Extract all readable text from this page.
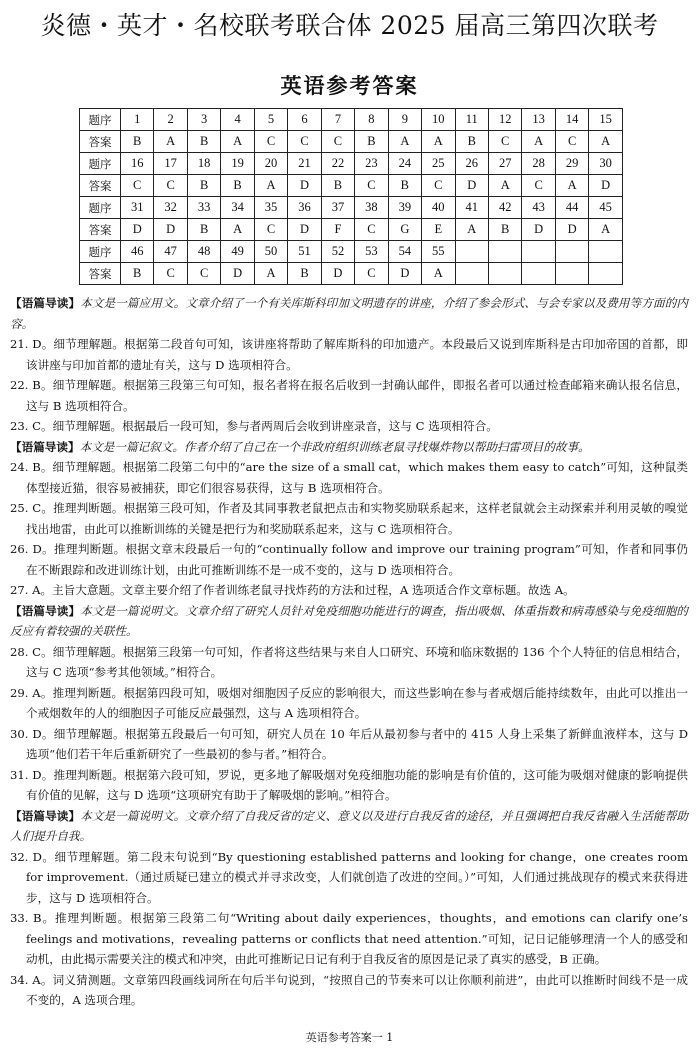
炎德・英才・名校联考联合体 2025 届高三第四次联考
英语参考答案
题序	1	2	3	4	5	6	7	8	9	10	11	12	13	14	15
答案	B	A	B	A	C	C	C	B	A	A	B	C	A	C	A
题序	16	17	18	19	20	21	22	23	24	25	26	27	28	29	30
答案	C	C	B	B	A	D	B	C	B	C	D	A	C	A	D
题序	31	32	33	34	35	36	37	38	39	40	41	42	43	44	45
答案	D	D	B	A	C	D	F	C	G	E	A	B	D	D	A
题序	46	47	48	49	50	51	52	53	54	55					
答案	B	C	C	D	A	B	D	C	D	A					

【语篇导读】本文是一篇应用文。文章介绍了一个有关库斯科印加文明遗存的讲座，介绍了参会形式、与会专家以及费用等方面的内容。

21. D。细节理解题。根据第二段首句可知，该讲座将帮助了解库斯科的印加遗产。本段最后又说到库斯科是古印加帝国的首都，即该讲座与印加首都的遗址有关，这与 D 选项相符合。

22. B。细节理解题。根据第三段第三句可知，报名者将在报名后收到一封确认邮件，即报名者可以通过检查邮箱来确认报名信息，这与 B 选项相符合。

23. C。细节理解题。根据最后一段可知，参与者两周后会收到讲座录音，这与 C 选项相符合。

【语篇导读】本文是一篇记叙文。作者介绍了自己在一个非政府组织训练老鼠寻找爆炸物以帮助扫雷项目的故事。

24. B。细节理解题。根据第二段第二句中的“are the size of a small cat，which makes them easy to catch”可知，这种鼠类体型接近猫，很容易被捕获，即它们很容易获得，这与 B 选项相符合。

25. C。推理判断题。根据第三段可知，作者及其同事教老鼠把点击和实物奖励联系起来，这样老鼠就会主动探索并利用灵敏的嗅觉找出地雷，由此可以推断训练的关键是把行为和奖励联系起来，这与 C 选项相符合。

26. D。推理判断题。根据文章末段最后一句的“continually follow and improve our training program”可知，作者和同事仍在不断跟踪和改进训练计划，由此可推断训练不是一成不变的，这与 D 选项相符合。

27. A。主旨大意题。文章主要介绍了作者训练老鼠寻找炸药的方法和过程，A 选项适合作文章标题。故选 A。

【语篇导读】本文是一篇说明文。文章介绍了研究人员针对免疫细胞功能进行的调查，指出吸烟、体重指数和病毒感染与免疫细胞的反应有着较强的关联性。

28. C。细节理解题。根据第三段第一句可知，作者将这些结果与来自人口研究、环境和临床数据的 136 个个人特征的信息相结合，这与 C 选项“参考其他领域。”相符合。

29. A。推理判断题。根据第四段可知，吸烟对细胞因子反应的影响很大，而这些影响在参与者戒烟后能持续数年，由此可以推出一个戒烟数年的人的细胞因子可能反应最强烈，这与 A 选项相符合。

30. D。细节理解题。根据第五段最后一句可知，研究人员在 10 年后从最初参与者中的 415 人身上采集了新鲜血液样本，这与 D 选项“他们若干年后重新研究了一些最初的参与者。”相符合。

31. D。推理判断题。根据第六段可知，罗说，更多地了解吸烟对免疫细胞功能的影响是有价值的，这可能为吸烟对健康的影响提供有价值的见解，这与 D 选项“这项研究有助于了解吸烟的影响。”相符合。

【语篇导读】本文是一篇说明文。文章介绍了自我反省的定义、意义以及进行自我反省的途径，并且强调把自我反省融入生活能帮助人们提升自我。

32. D。细节理解题。第二段末句说到“By questioning established patterns and looking for change，one creates room for improvement.（通过质疑已建立的模式并寻求改变，人们就创造了改进的空间。）”可知，人们通过挑战现存的模式来获得进步，这与 D 选项相符合。

33. B。推理判断题。根据第三段第二句“Writing about daily experiences，thoughts，and emotions can clarify one’s feelings and motivations，revealing patterns or conflicts that need attention.”可知，记日记能够理清一个人的感受和动机，由此揭示需要关注的模式和冲突，由此可推断记日记有利于自我反省的原因是记录了真实的感受，B 正确。

34. A。词义猜测题。文章第四段画线词所在句后半句说到，“按照自己的节奏来可以让你顺利前进”，由此可以推断时间线不是一成不变的，A 选项合理。

英语参考答案一 1
